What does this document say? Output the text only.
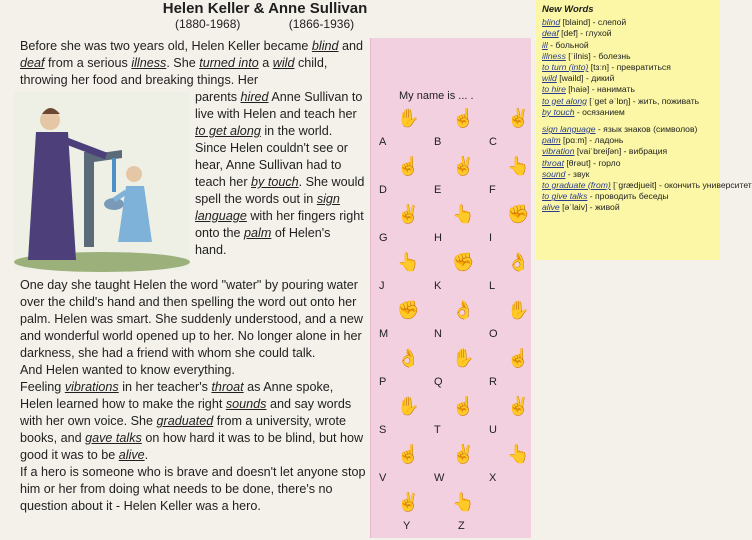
Helen Keller & Anne Sullivan
(1880-1968)	(1866-1936)
Before she was two years old, Helen Keller became blind and deaf from a serious illness. She turned into a wild child, throwing her food and breaking things. Her
parents hired Anne Sullivan to live with Helen and teach her to get along in the world.
Since Helen couldn't see or hear, Anne Sullivan had to teach her by touch. She would spell the words out in sign language with her fingers right onto the palm of Helen's hand.
One day she taught Helen the word "water" by pouring water over the child's hand and then spelling the word out onto her palm. Helen was smart. She suddenly understood, and a new and wonderful world opened up to her. No longer alone in her darkness, she had a friend with whom she could talk.
And Helen wanted to know everything.
Feeling vibrations in her teacher's throat as Anne spoke, Helen learned how to make the right sounds and say words with her own voice. She graduated from a university, wrote books, and gave talks on how hard it was to be blind, but how good it was to be alive.
If a hero is someone who is brave and doesn't let anyone stop him or her from doing what needs to be done, there's no question about it - Helen Keller was a hero.
My name is ... .
✋
A
☝
B
✌
C
☝
D
✌
E
👆
F
✌
G
👆
H
✊
I
👆
J
✊
K
👌
L
✊
M
👌
N
✋
O
👌
P
✋
Q
☝
R
✋
S
☝
T
✌
U
☝
V
✌
W
👆
X
✌
Y
👆
Z
New Words
blind [blaind] - слепой
deaf [def] - глухой
ill - больной
illness [ˈilnis] - болезнь
to turn (into) [tɜːn] - превратиться
wild [waild] - дикий
to hire [haiə] - нанимать
to get along [ˈget əˈlɒŋ] - жить, поживать
by touch - осязанием
sign language - язык знаков (символов)
palm [pɑːm] - ладонь
vibration [vaiˈbreiʃən] - вибрация
throat [θrəut] - горло
sound - звук
to graduate (from) [ˈgrædjueit] - окончить университет
to give talks - проводить беседы
alive [əˈlaiv] - живой
